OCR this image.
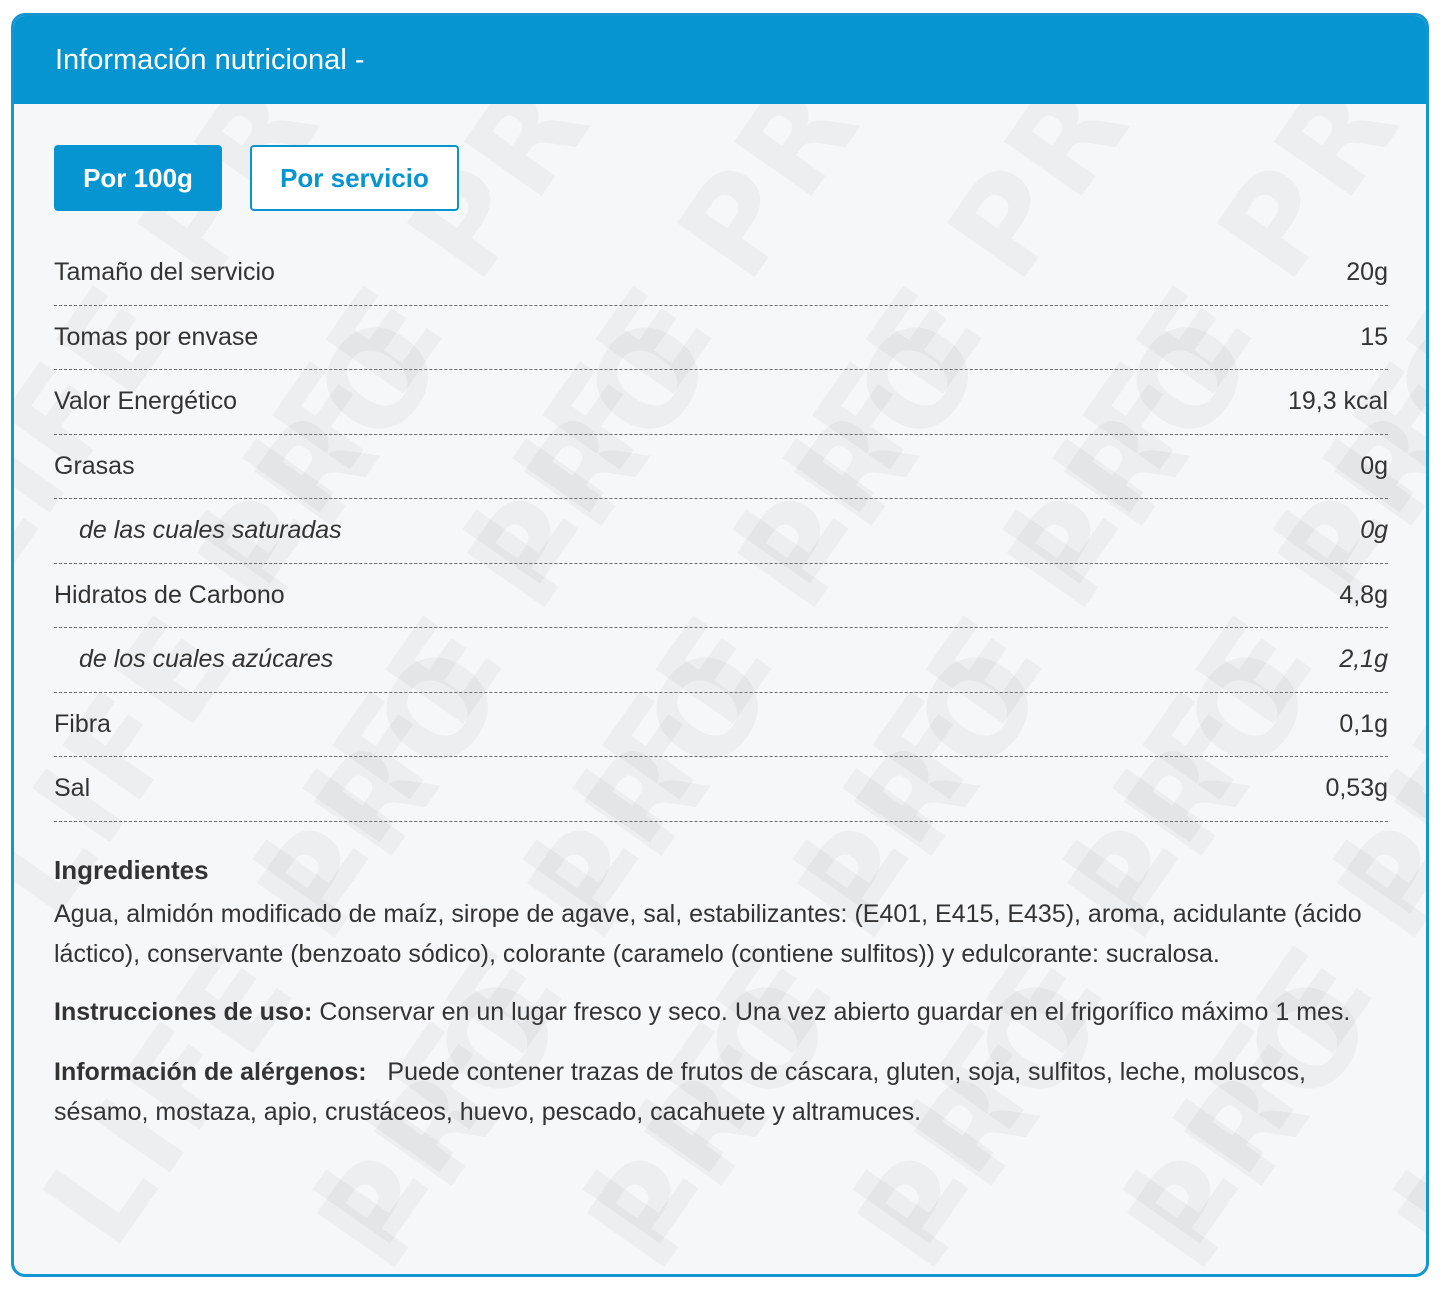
Información nutricional -
Por 100g	Por servicio
Tamaño del servicio	20g
Tomas por envase	15
Valor Energético	19,3 kcal
Grasas	0g
de las cuales saturadas	0g
Hidratos de Carbono	4,8g
de los cuales azúcares	2,1g
Fibra	0,1g
Sal	0,53g
Ingredientes
Agua, almidón modificado de maíz, sirope de agave, sal, estabilizantes: (E401, E415, E435), aroma, acidulante (ácido láctico), conservante (benzoato sódico), colorante (caramelo (contiene sulfitos)) y edulcorante: sucralosa.
Instrucciones de uso: Conservar en un lugar fresco y seco. Una vez abierto guardar en el frigorífico máximo 1 mes.
Información de alérgenos:   Puede contener trazas de frutos de cáscara, gluten, soja, sulfitos, leche, moluscos, sésamo, mostaza, apio, crustáceos, huevo, pescado, cacahuete y altramuces.
